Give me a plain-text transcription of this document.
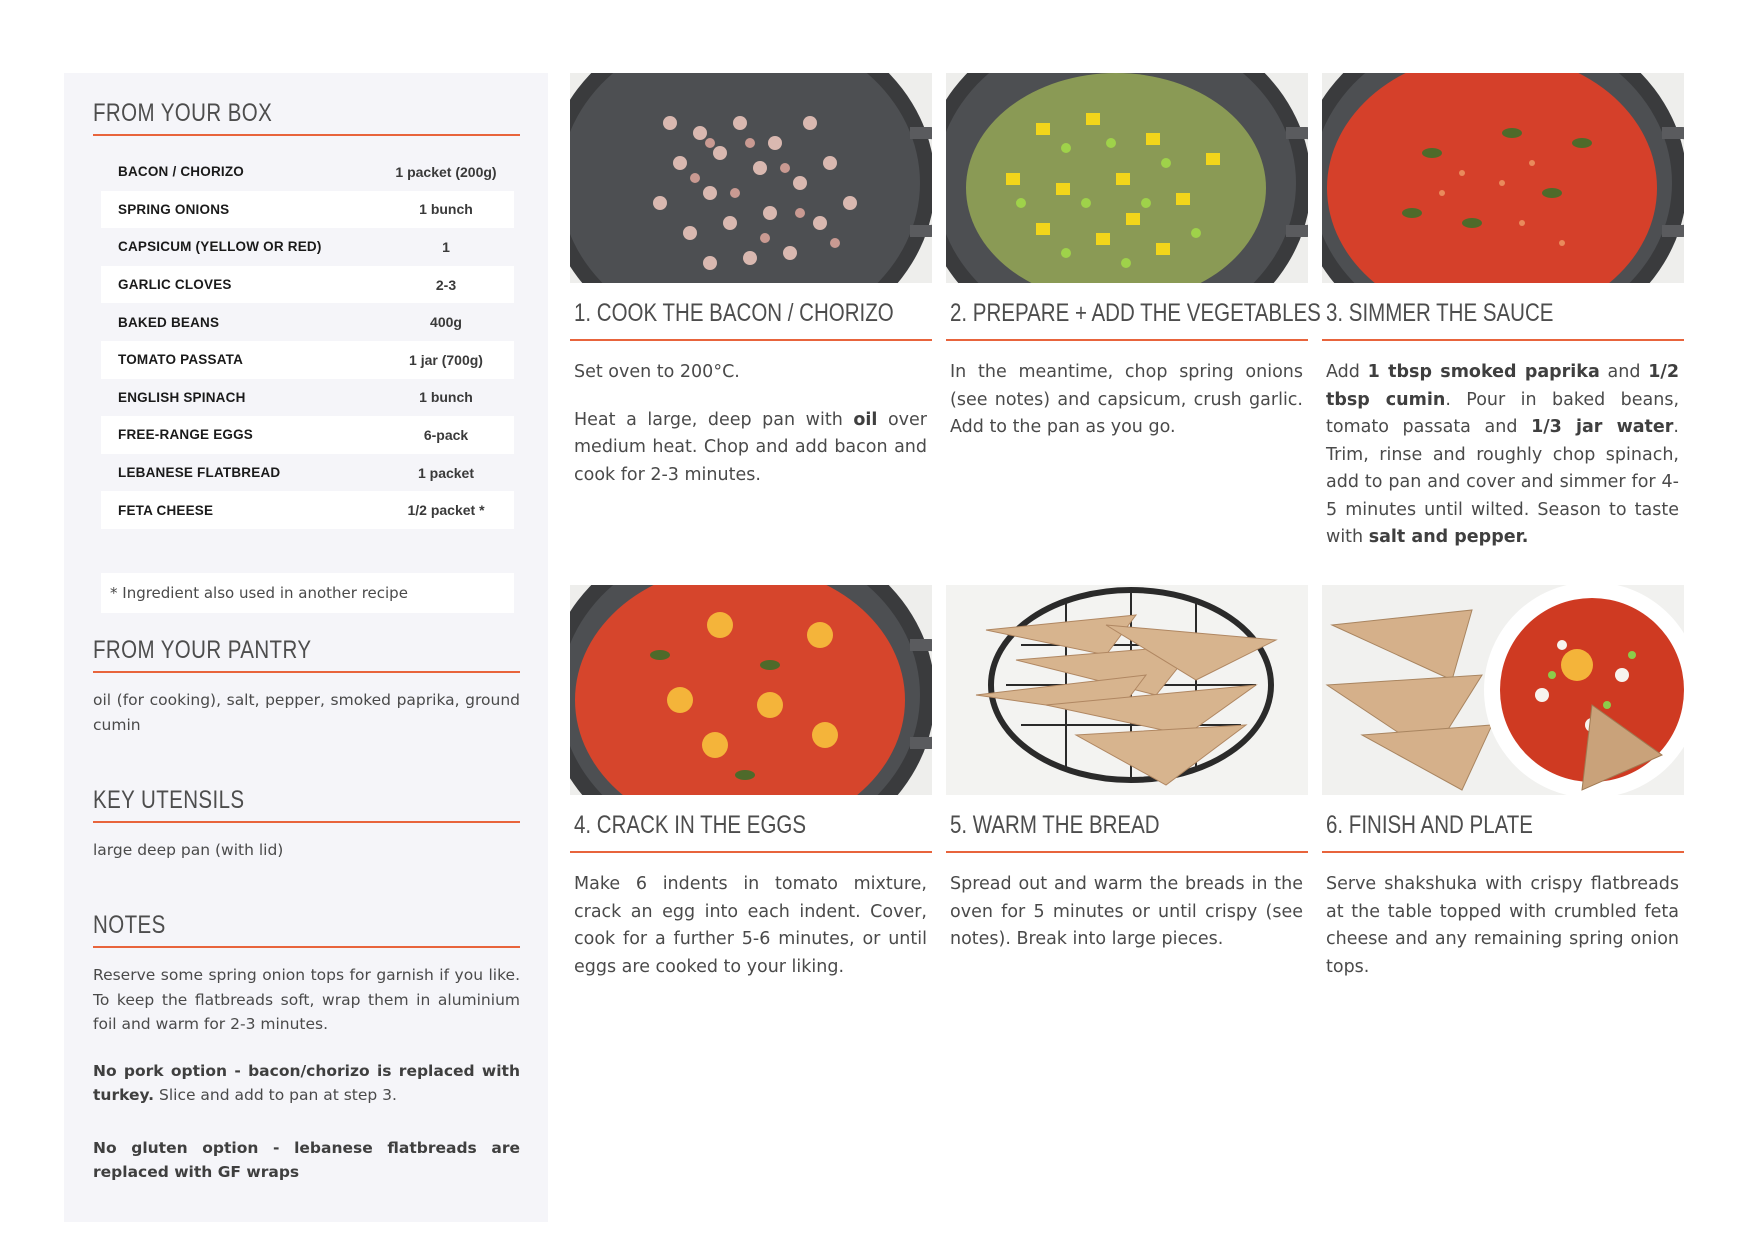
FROM YOUR BOX
BACON / CHORIZO	1 packet (200g)
SPRING ONIONS	1 bunch
CAPSICUM (YELLOW OR RED)	1
GARLIC CLOVES	2-3
BAKED BEANS	400g
TOMATO PASSATA	1 jar (700g)
ENGLISH SPINACH	1 bunch
FREE-RANGE EGGS	6-pack
LEBANESE FLATBREAD	1 packet
FETA CHEESE	1/2 packet *
* Ingredient also used in another recipe
FROM YOUR PANTRY
oil (for cooking), salt, pepper, smoked paprika, ground cumin
KEY UTENSILS
large deep pan (with lid)
NOTES
Reserve some spring onion tops for garnish if you like. To keep the flatbreads soft, wrap them in aluminium foil and warm for 2-3 minutes.
No pork option - bacon/chorizo is replaced with turkey. Slice and add to pan at step 3.
No gluten option - lebanese flatbreads are replaced with GF wraps
1. COOK THE BACON / CHORIZO

Set oven to 200°C.

Heat a large, deep pan with oil over medium heat. Chop and add bacon and cook for 2-3 minutes.

2. PREPARE + ADD THE VEGETABLES

In the meantime, chop spring onions (see notes) and capsicum, crush garlic. Add to the pan as you go.

3. SIMMER THE SAUCE

Add 1 tbsp smoked paprika and 1/2 tbsp cumin. Pour in baked beans, tomato passata and 1/3 jar water. Trim, rinse and roughly chop spinach, add to pan and cover and simmer for 4-5 minutes until wilted. Season to taste with salt and pepper.

4. CRACK IN THE EGGS

Make 6 indents in tomato mixture, crack an egg into each indent. Cover, cook for a further 5-6 minutes, or until eggs are cooked to your liking.

5. WARM THE BREAD

Spread out and warm the breads in the oven for 5 minutes or until crispy (see notes). Break into large pieces.

6. FINISH AND PLATE

Serve shakshuka with crispy flatbreads at the table topped with crumbled feta cheese and any remaining spring onion tops.
